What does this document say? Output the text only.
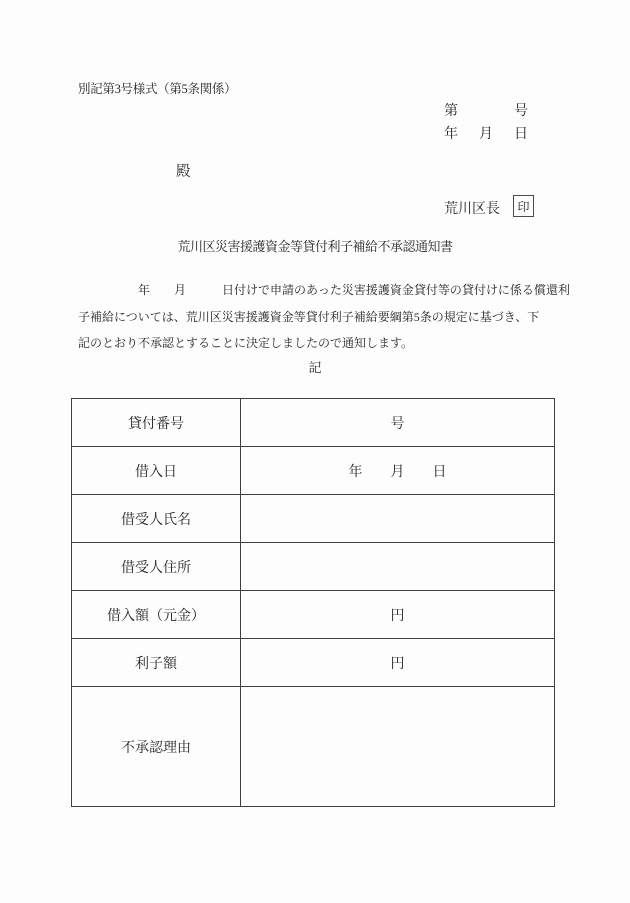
別記第3号様式（第5条関係）
第　　　　号
年　月　日
殿
荒川区長	印
荒川区災害援護資金等貸付利子補給不承認通知書
　　　　　年　　月　　　日付けで申請のあった災害援護資金貸付等の貸付けに係る償還利
子補給については、荒川区災害援護資金等貸付利子補給要綱第5条の規定に基づき、下
記のとおり不承認とすることに決定しましたので通知します。
記
貸付番号	号
借入日	年　　月　　日
借受人氏名	
借受人住所	
借入額（元金）	円
利子額	円
不承認理由	
